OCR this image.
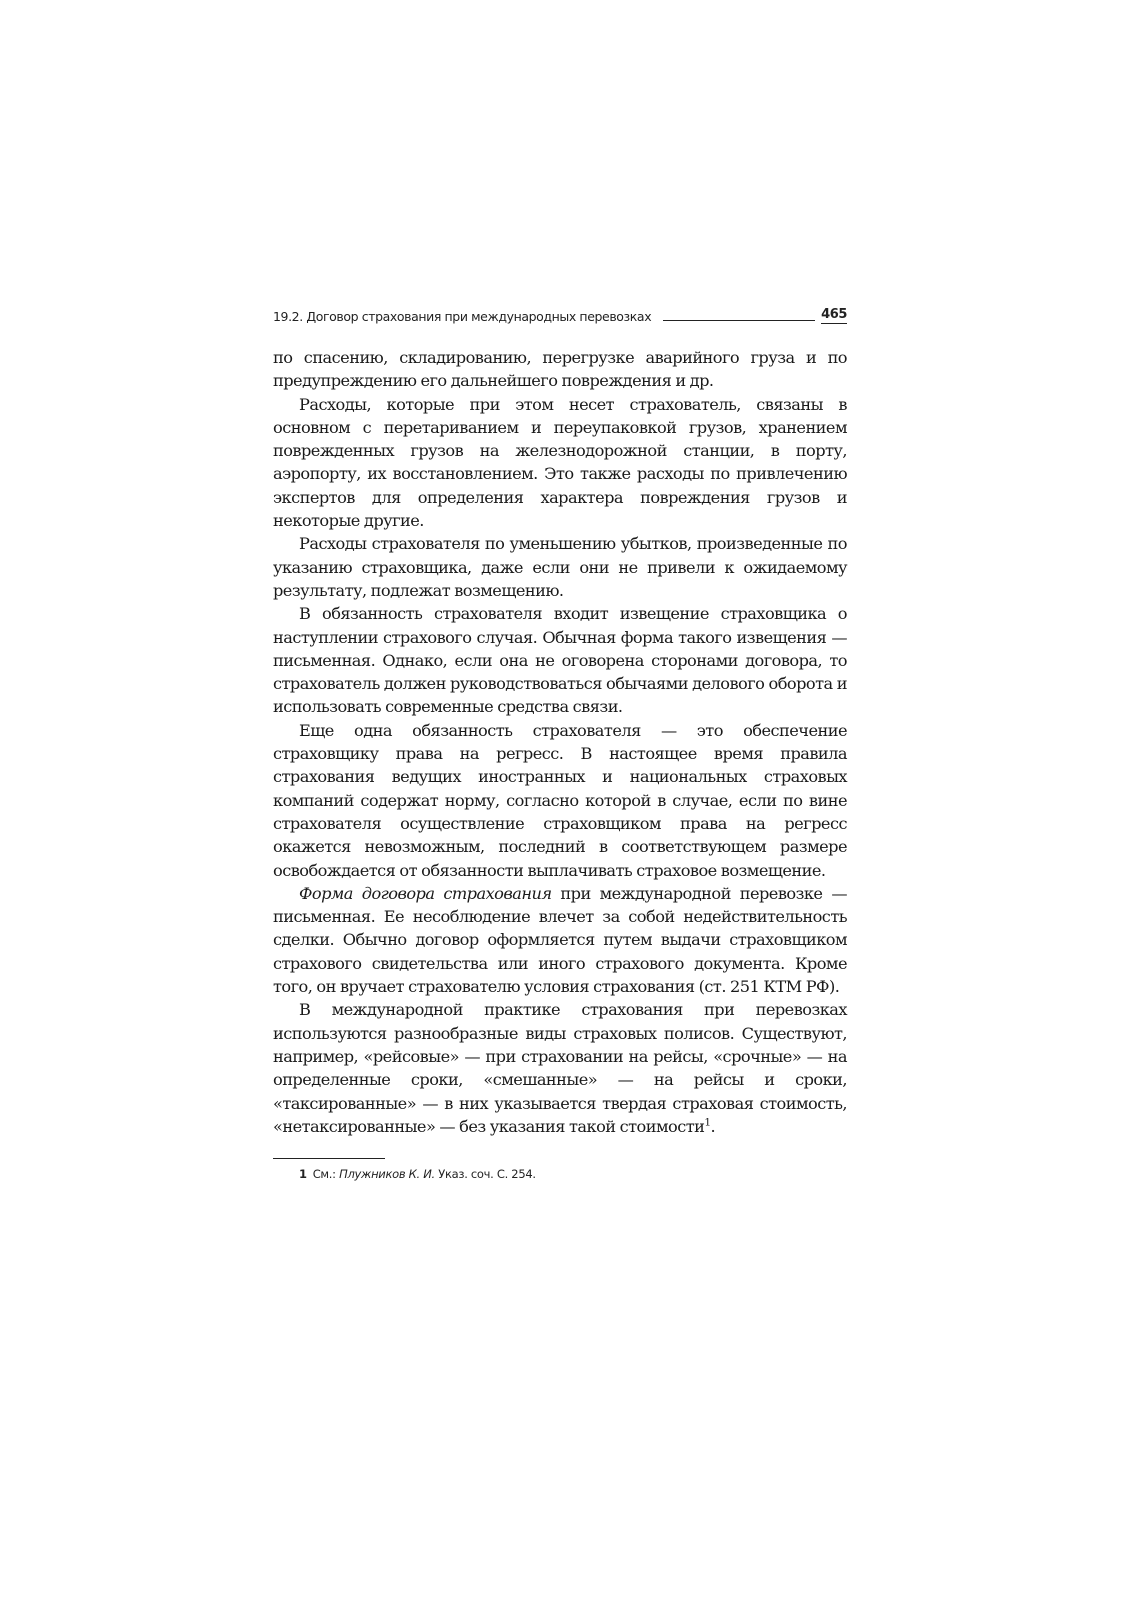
19.2. Договор страхования при международных перевозках	465

по спасению, складированию, перегрузке аварийного груза и по предупреждению его дальнейшего повреждения и др.

Расходы, которые при этом несет страхователь, связаны в основном с перетариванием и переупаковкой грузов, хранением поврежденных грузов на железнодорожной станции, в порту, аэропорту, их восстановлением. Это также расходы по привлечению экспертов для определения характера повреждения грузов и некоторые другие.

Расходы страхователя по уменьшению убытков, произведенные по указанию страховщика, даже если они не привели к ожидаемому результату, подлежат возмещению.

В обязанность страхователя входит извещение страховщика о наступлении страхового случая. Обычная форма такого извещения — письменная. Однако, если она не оговорена сторонами договора, то страхователь должен руководствоваться обычаями делового оборота и использовать современные средства связи.

Еще одна обязанность страхователя — это обеспечение страховщику права на регресс. В настоящее время правила страхования ведущих иностранных и национальных страховых компаний содержат норму, согласно которой в случае, если по вине страхователя осуществление страховщиком права на регресс окажется невозможным, последний в соответствующем размере освобождается от обязанности выплачивать страховое возмещение.

Форма договора страхования при международной перевозке — письменная. Ее несоблюдение влечет за собой недействительность сделки. Обычно договор оформляется путем выдачи страховщиком страхового свидетельства или иного страхового документа. Кроме того, он вручает страхователю условия страхования (ст. 251 КТМ РФ).

В международной практике страхования при перевозках используются разнообразные виды страховых полисов. Существуют, например, «рейсовые» — при страховании на рейсы, «срочные» — на определенные сроки, «смешанные» — на рейсы и сроки, «таксированные» — в них указывается твердая страховая стоимость, «нетаксированные» — без указания такой стоимости$^1$.

1 См.: Плужников К. И. Указ. соч. С. 254.
